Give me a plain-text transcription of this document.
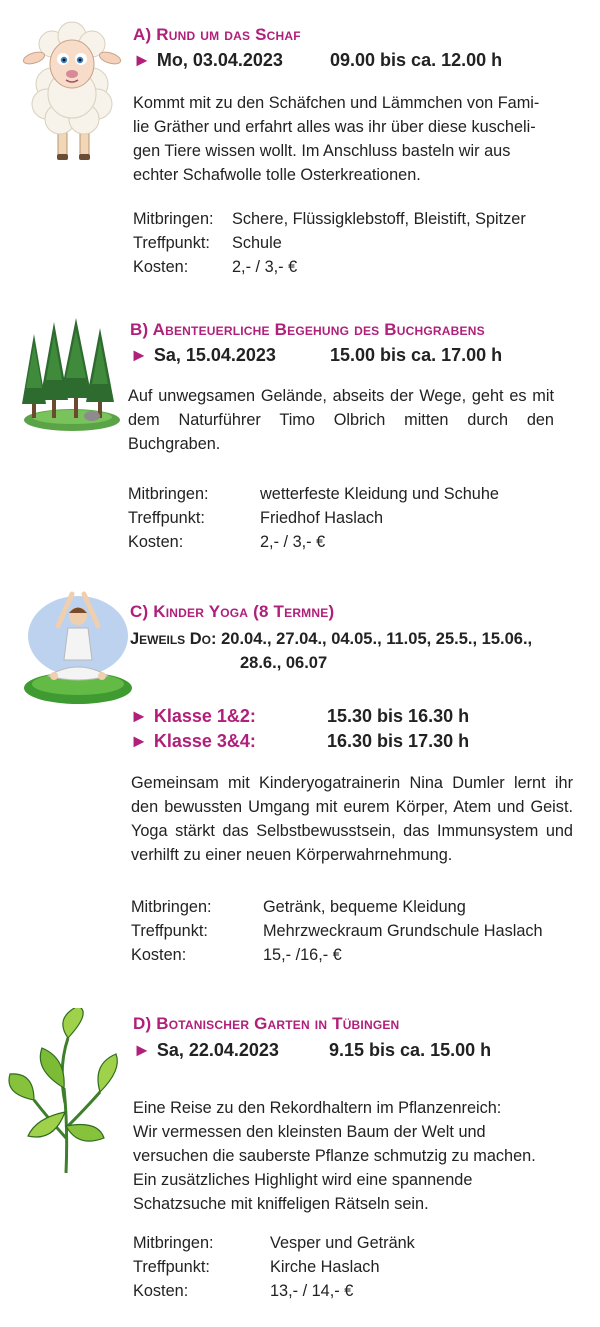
A) Rund um das Schaf
► Mo, 03.04.2023	09.00 bis ca. 12.00 h
Kommt mit zu den Schäfchen und Lämmchen von Fami-
lie Gräther und erfahrt alles was ihr über diese kuscheli-
gen Tiere wissen wollt. Im Anschluss basteln wir aus
echter Schafwolle tolle Osterkreationen.
Mitbringen:	Schere, Flüssigklebstoff, Bleistift, Spitzer
Treffpunkt:	Schule
Kosten:	2,- / 3,- €
B) Abenteuerliche Begehung des Buchgrabens
► Sa, 15.04.2023	15.00 bis ca. 17.00 h
Auf unwegsamen Gelände, abseits der Wege, geht es mit dem Naturführer Timo Olbrich mitten durch den Buchgraben.
Mitbringen:	wetterfeste Kleidung und Schuhe
Treffpunkt:	Friedhof Haslach
Kosten:	2,- / 3,- €
C) Kinder Yoga (8 Termne)
Jeweils Do: 20.04., 27.04., 04.05., 11.05, 25.5., 15.06.,
28.6., 06.07
► Klasse 1&2:	15.30 bis 16.30 h
► Klasse 3&4:	16.30 bis 17.30 h
Gemeinsam mit Kinderyogatrainerin Nina Dumler lernt ihr den bewussten Umgang mit eurem Körper, Atem und Geist. Yoga stärkt das Selbstbewusstsein, das Immunsystem und verhilft zu einer neuen Körperwahrnehmung.
Mitbringen:	Getränk, bequeme Kleidung
Treffpunkt:	Mehrzweckraum Grundschule Haslach
Kosten:	15,- /16,- €
D) Botanischer Garten in Tübingen
► Sa, 22.04.2023	9.15 bis ca. 15.00 h
Eine Reise zu den Rekordhaltern im Pflanzenreich:
Wir vermessen den kleinsten Baum der Welt und
versuchen die sauberste Pflanze schmutzig zu machen.
Ein zusätzliches Highlight wird eine spannende
Schatzsuche mit kniffeligen Rätseln sein.
Mitbringen:	Vesper und Getränk
Treffpunkt:	Kirche Haslach
Kosten:	13,- / 14,- €
